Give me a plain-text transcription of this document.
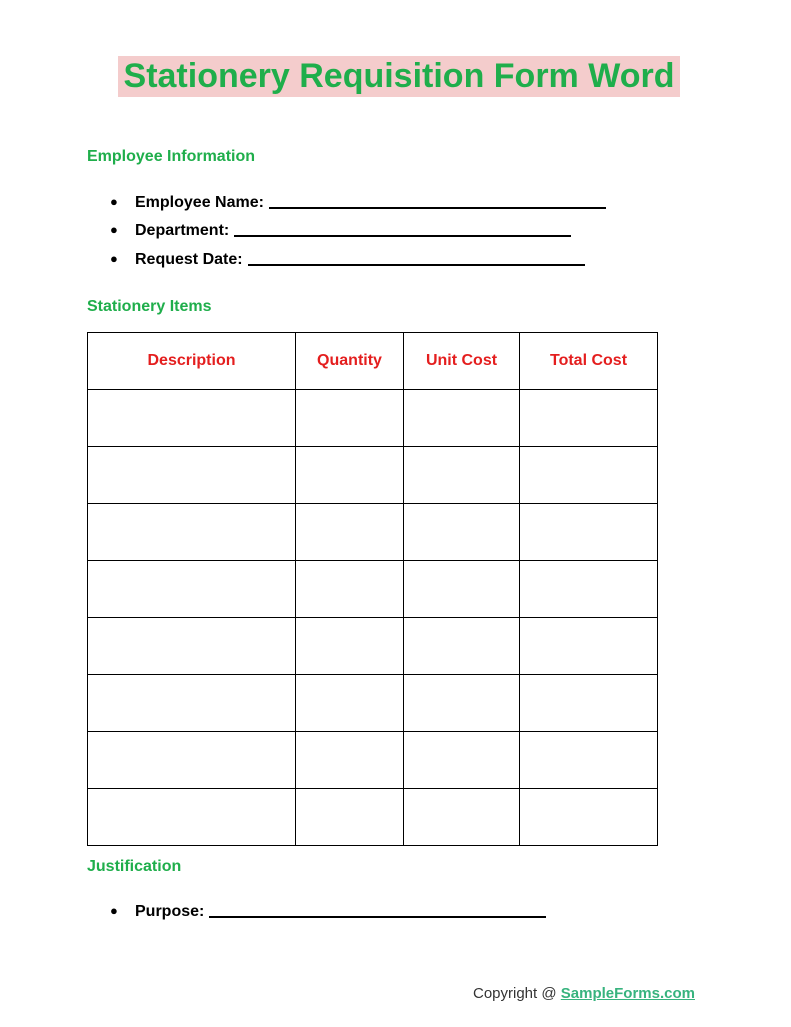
Stationery Requisition Form Word
Employee Information
● Employee Name:
● Department:
● Request Date:
Stationery Items
Description	Quantity	Unit Cost	Total Cost

Justification
● Purpose:
Copyright @ SampleForms.com
